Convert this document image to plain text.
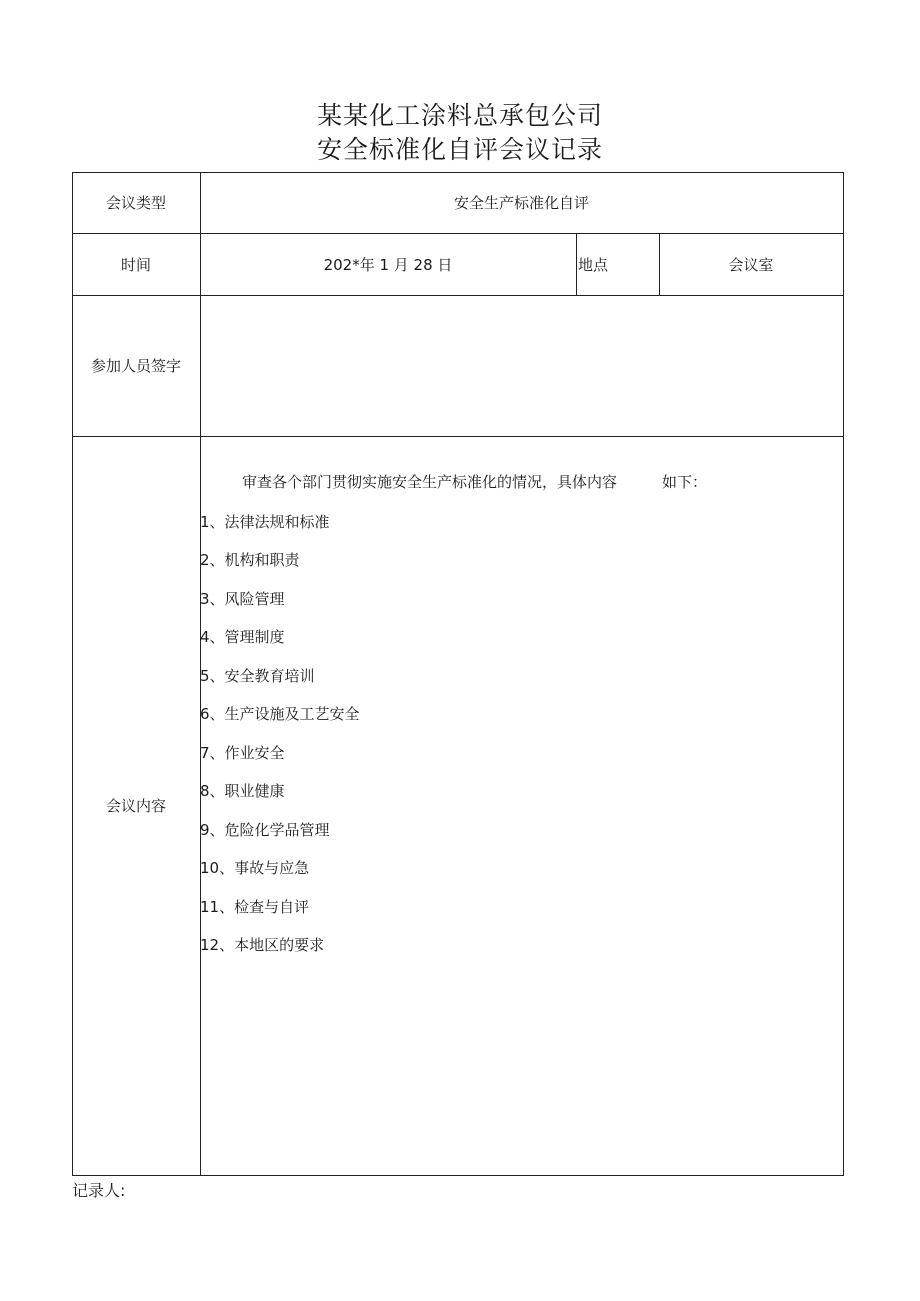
某某化工涂料总承包公司
安全标准化自评会议记录
会议类型	安全生产标准化自评
时间	202*年 1 月 28 日	地点	会议室
参加人员签字
会议内容
审查各个部门贯彻实施安全生产标准化的情况，具体内容	如下：
1、法律法规和标准
2、机构和职责
3、风险管理
4、管理制度
5、安全教育培训
6、生产设施及工艺安全
7、作业安全
8、职业健康
9、危险化学品管理
10、事故与应急
11、检查与自评
12、本地区的要求
记录人:
